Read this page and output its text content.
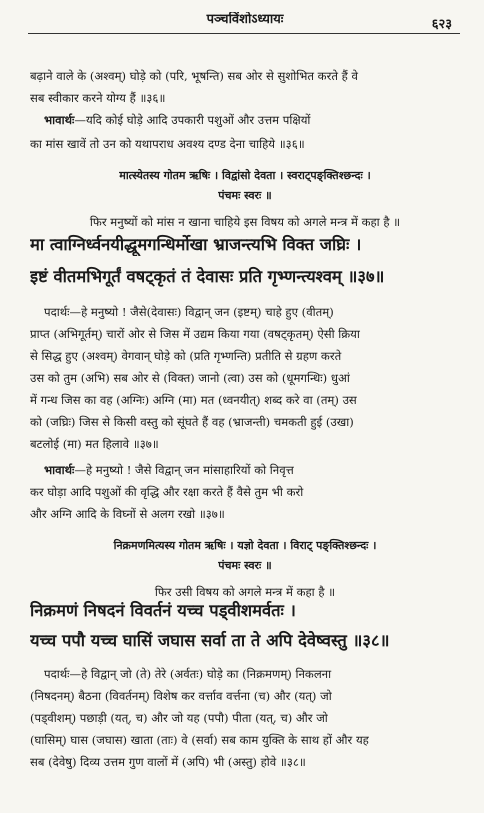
पञ्चविंशोऽध्यायः	६२३
बढ़ाने वाले के (अश्वम्) घोड़े को (परि, भूषन्ति) सब ओर से सुशोभित करते हैं वे
सब स्वीकार करने योग्य हैं ॥३६॥
भावार्थः—यदि कोई घोड़े आदि उपकारी पशुओं और उत्तम पक्षियों
का मांस खावें तो उन को यथापराध अवश्य दण्ड देना चाहिये ॥३६॥
मात्स्येतस्य गोतम ऋषिः । विद्वांसो देवता । स्वराट्पङ्क्तिश्छन्दः ।
पंचमः स्वरः ॥
फिर मनुष्यों को मांस न खाना चाहिये इस विषय को अगले मन्त्र में कहा है ॥
मा त्वाग्निर्ध्वनयीद्धूमगन्धिर्मोखा भ्राजन्त्यभि विक्त जघ्रिः ।
इष्टं वीतमभिगूर्तं वषट्कृतं तं देवासः प्रति गृभ्णन्त्यश्वम् ॥३७॥
पदार्थः—हे मनुष्यो ! जैसे(देवासः) विद्वान् जन (इष्टम्) चाहे हुए (वीतम्)
प्राप्त (अभिगूर्तम्) चारों ओर से जिस में उद्यम किया गया (वषट्कृतम्) ऐसी क्रिया
से सिद्ध हुए (अश्वम्) वेगवान् घोड़े को (प्रति गृभ्णन्ति) प्रतीति से ग्रहण करते
उस को तुम (अभि) सब ओर से (विक्त) जानो (त्वा) उस को (धूमगन्धिः) धुआं
में गन्ध जिस का वह (अग्निः) अग्नि (मा) मत (ध्वनयीत्) शब्द करे वा (तम्) उस
को (जघ्रिः) जिस से किसी वस्तु को सूंघते हैं वह (भ्राजन्ती) चमकती हुई (उखा)
बटलोई (मा) मत हिलावे ॥३७॥
भावार्थः—हे मनुष्यो ! जैसे विद्वान् जन मांसाहारियों को निवृत्त
कर घोड़ा आदि पशुओं की वृद्धि और रक्षा करते हैं वैसे तुम भी करो
और अग्नि आदि के विघ्नों से अलग रखो ॥३७॥
निक्रमणमित्यस्य गोतम ऋषिः । यज्ञो देवता । विराट् पङ्क्तिश्छन्दः ।
पंचमः स्वरः ॥
फिर उसी विषय को अगले मन्त्र में कहा है ॥
निक्रमणं निषदनं विवर्तनं यच्च पड्वीशमर्वतः ।
यच्च पपौ यच्च घासिं जघास सर्वा ता ते अपि देवेष्वस्तु ॥३८॥
पदार्थः—हे विद्वान् जो (ते) तेरे (अर्वतः) घोड़े का (निक्रमणम्) निकलना
(निषदनम्) बैठना (विवर्तनम्) विशेष कर वर्त्ताव वर्त्तना (च) और (यत्) जो
(पड्वीशम्) पछाड़ी (यत्, च) और जो यह (पपौ) पीता (यत्, च) और जो
(घासिम्) घास (जघास) खाता (ताः) वे (सर्वा) सब काम युक्ति के साथ हों और यह
सब (देवेषु) दिव्य उत्तम गुण वालों में (अपि) भी (अस्तु) होवे ॥३८॥
